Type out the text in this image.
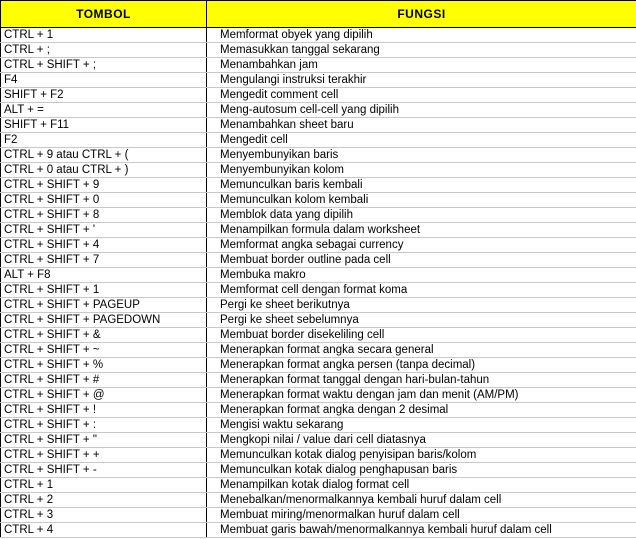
TOMBOL	FUNGSI
CTRL + 1	Memformat obyek yang dipilih
CTRL + ;	Memasukkan tanggal sekarang
CTRL + SHIFT + ;	Menambahkan jam
F4	Mengulangi instruksi terakhir
SHIFT + F2	Mengedit comment cell
ALT + =	Meng-autosum cell-cell yang dipilih
SHIFT + F11	Menambahkan sheet baru
F2	Mengedit cell
CTRL + 9 atau CTRL + (	Menyembunyikan baris
CTRL + 0 atau CTRL + )	Menyembunyikan kolom
CTRL + SHIFT + 9	Memunculkan baris kembali
CTRL + SHIFT + 0	Memunculkan kolom kembali
CTRL + SHIFT + 8	Memblok data yang dipilih
CTRL + SHIFT + '	Menampilkan formula dalam worksheet
CTRL + SHIFT + 4	Memformat angka sebagai currency
CTRL + SHIFT + 7	Membuat border outline pada cell
ALT + F8	Membuka makro
CTRL + SHIFT + 1	Memformat cell dengan format koma
CTRL + SHIFT + PAGEUP	Pergi ke sheet berikutnya
CTRL + SHIFT + PAGEDOWN	Pergi ke sheet sebelumnya
CTRL + SHIFT + &	Membuat border disekeliling cell
CTRL + SHIFT + ~	Menerapkan format angka secara general
CTRL + SHIFT + %	Menerapkan format angka persen (tanpa decimal)
CTRL + SHIFT + #	Menerapkan format tanggal dengan hari-bulan-tahun
CTRL + SHIFT + @	Menerapkan format waktu dengan jam dan menit (AM/PM)
CTRL + SHIFT + !	Menerapkan format angka dengan 2 desimal
CTRL + SHIFT + :	Mengisi waktu sekarang
CTRL + SHIFT + "	Mengkopi nilai / value dari cell diatasnya
CTRL + SHIFT + +	Memunculkan kotak dialog penyisipan baris/kolom
CTRL + SHIFT + -	Memunculkan kotak dialog penghapusan baris
CTRL + 1	Menampilkan kotak dialog format cell
CTRL + 2	Menebalkan/menormalkannya kembali huruf dalam cell
CTRL + 3	Membuat miring/menormalkan huruf dalam cell
CTRL + 4	Membuat garis bawah/menormalkannya kembali huruf dalam cell
